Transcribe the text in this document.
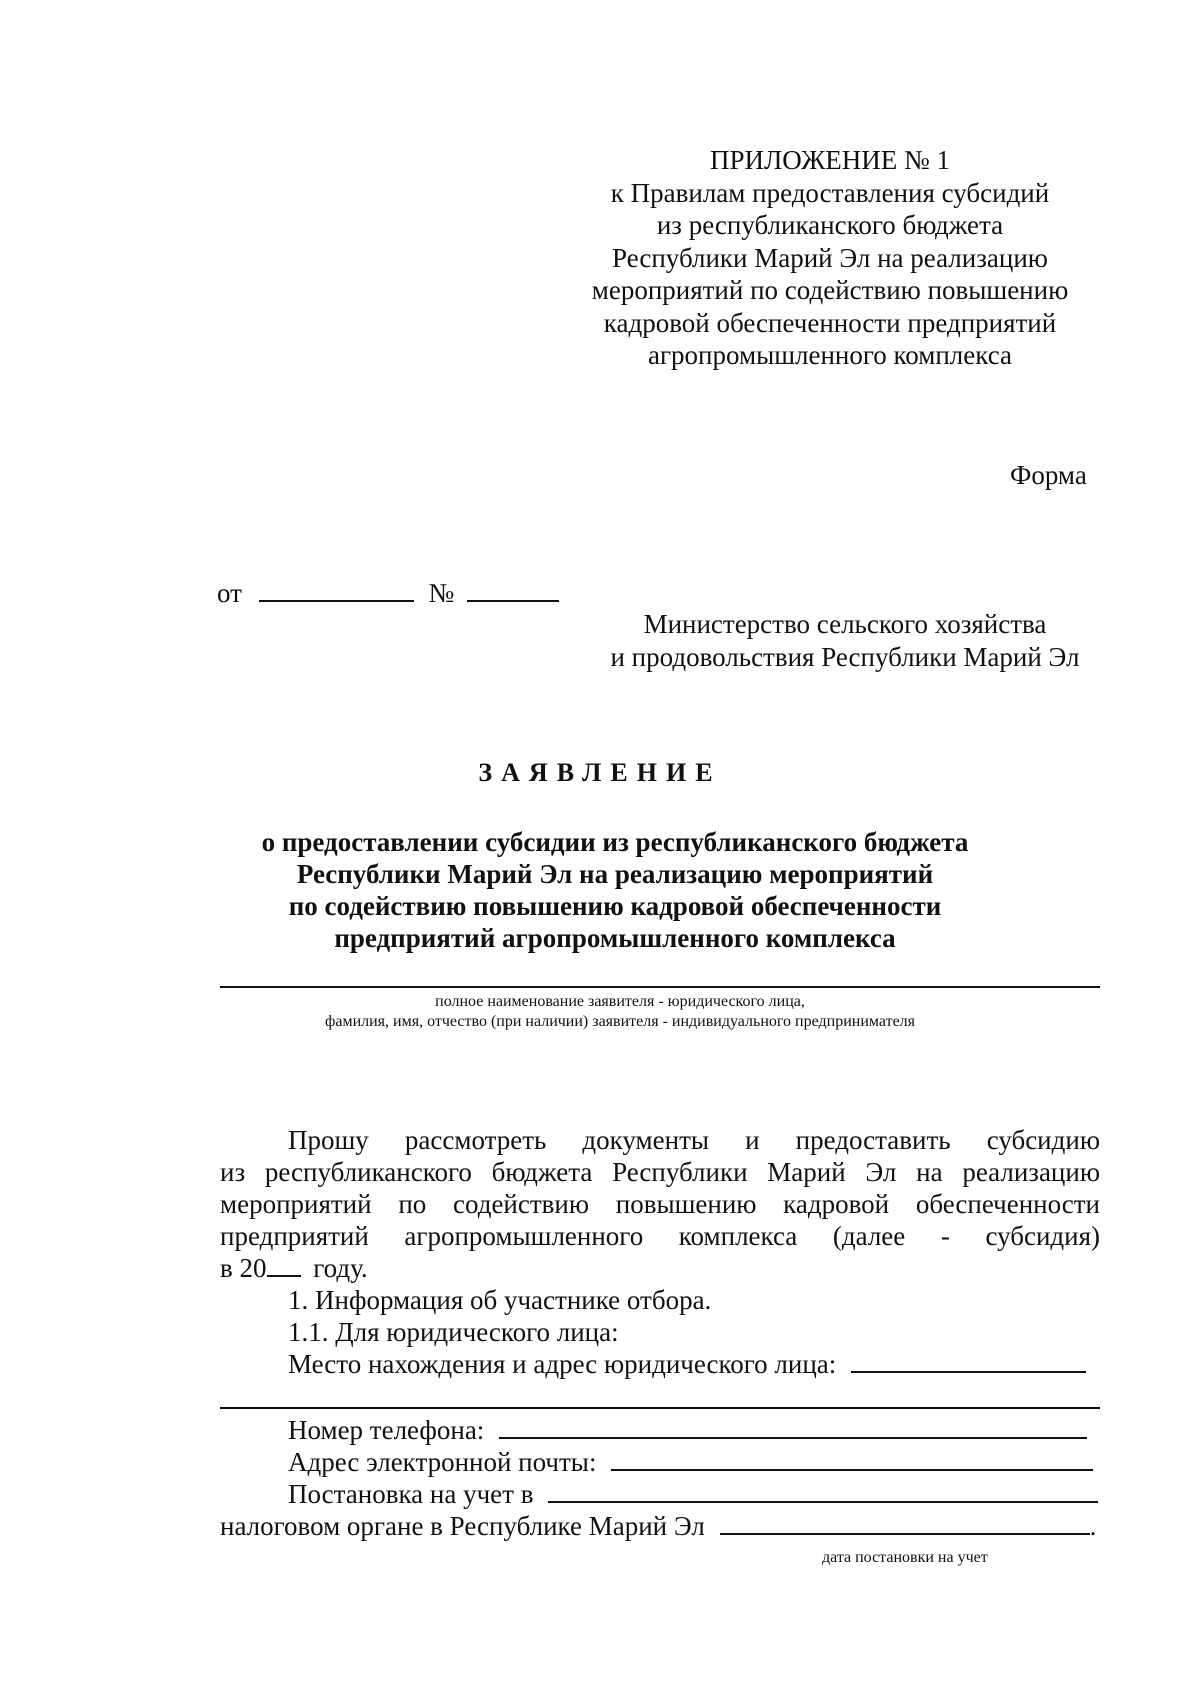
ПРИЛОЖЕНИЕ № 1
к Правилам предоставления субсидий
из республиканского бюджета
Республики Марий Эл на реализацию
мероприятий по содействию повышению
кадровой обеспеченности предприятий
агропромышленного комплекса
Форма
от	№
Министерство сельского хозяйства
и продовольствия Республики Марий Эл
ЗАЯВЛЕНИЕ
о предоставлении субсидии из республиканского бюджета
Республики Марий Эл на реализацию мероприятий
по содействию повышению кадровой обеспеченности
предприятий агропромышленного комплекса
полное наименование заявителя - юридического лица,
фамилия, имя, отчество (при наличии) заявителя - индивидуального предпринимателя
Прошу рассмотреть документы и предоставить субсидию
из республиканского бюджета Республики Марий Эл на реализацию
мероприятий по содействию повышению кадровой обеспеченности
предприятий агропромышленного комплекса (далее - субсидия)
в 20 году.
1. Информация об участнике отбора.
1.1. Для юридического лица:
Место нахождения и адрес юридического лица:
Номер телефона:
Адрес электронной почты:
Постановка на учет в
налоговом органе в Республике Марий Эл	.
дата постановки на учет
